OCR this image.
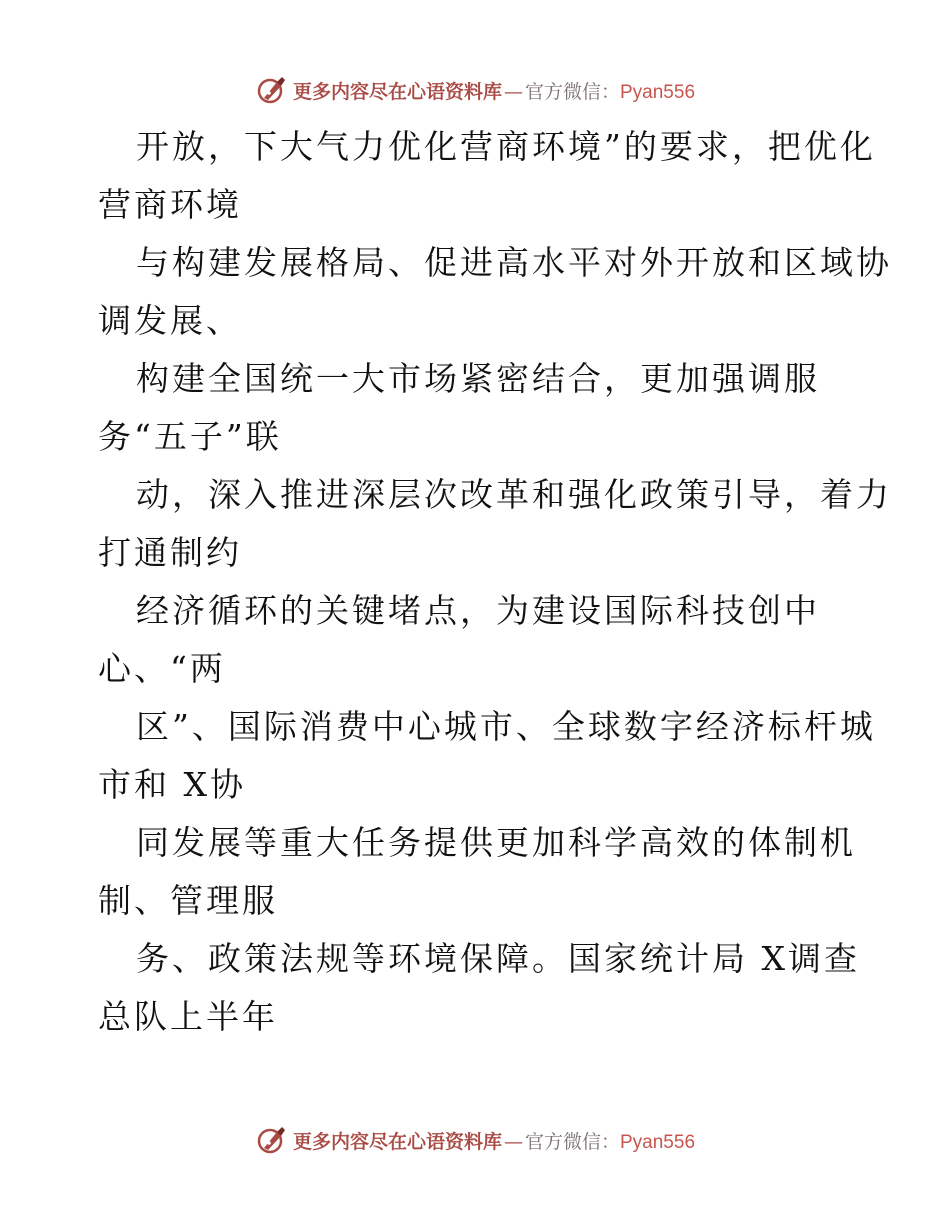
更多内容尽在心语资料库 — 官方微信： Pyan556

开放，下大气力优化营商环境”的要求，把优化
营商环境

与构建发展格局、促进高水平对外开放和区域协
调发展、

构建全国统一大市场紧密结合，更加强调服
务“五子”联

动，深入推进深层次改革和强化政策引导，着力
打通制约

经济循环的关键堵点，为建设国际科技创中
心、“两

区”、国际消费中心城市、全球数字经济标杆城
市和 X协

同发展等重大任务提供更加科学高效的体制机
制、管理服

务、政策法规等环境保障。国家统计局 X调查
总队上半年

更多内容尽在心语资料库 — 官方微信： Pyan556
